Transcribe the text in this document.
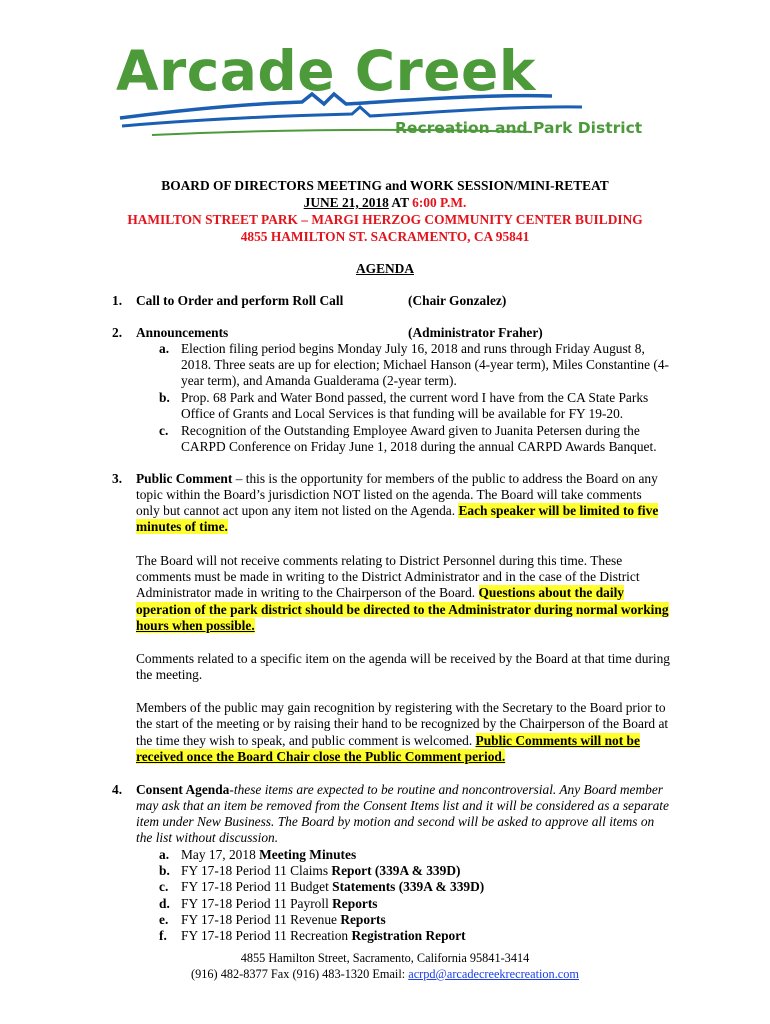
Arcade Creek
Recreation and Park District
BOARD OF DIRECTORS MEETING and WORK SESSION/MINI-RETEAT
JUNE 21, 2018 AT 6:00 P.M.
HAMILTON STREET PARK – MARGI HERZOG COMMUNITY CENTER BUILDING
4855 HAMILTON ST. SACRAMENTO, CA 95841
AGENDA
1. Call to Order and perform Roll Call	(Chair Gonzalez)
2. Announcements	(Administrator Fraher)
a. Election filing period begins Monday July 16, 2018 and runs through Friday August 8,
2018. Three seats are up for election; Michael Hanson (4-year term), Miles Constantine (4-
year term), and Amanda Gualderama (2-year term).
b. Prop. 68 Park and Water Bond passed, the current word I have from the CA State Parks
Office of Grants and Local Services is that funding will be available for FY 19-20.
c. Recognition of the Outstanding Employee Award given to Juanita Petersen during the
CARPD Conference on Friday June 1, 2018 during the annual CARPD Awards Banquet.
3. Public Comment – this is the opportunity for members of the public to address the Board on any
topic within the Board’s jurisdiction NOT listed on the agenda. The Board will take comments
only but cannot act upon any item not listed on the Agenda. Each speaker will be limited to five
minutes of time.
The Board will not receive comments relating to District Personnel during this time. These
comments must be made in writing to the District Administrator and in the case of the District
Administrator made in writing to the Chairperson of the Board. Questions about the daily
operation of the park district should be directed to the Administrator during normal working
hours when possible.
Comments related to a specific item on the agenda will be received by the Board at that time during
the meeting.
Members of the public may gain recognition by registering with the Secretary to the Board prior to
the start of the meeting or by raising their hand to be recognized by the Chairperson of the Board at
the time they wish to speak, and public comment is welcomed. Public Comments will not be
received once the Board Chair close the Public Comment period.
4. Consent Agenda-these items are expected to be routine and noncontroversial. Any Board member
may ask that an item be removed from the Consent Items list and it will be considered as a separate
item under New Business. The Board by motion and second will be asked to approve all items on
the list without discussion.
a. May 17, 2018 Meeting Minutes
b. FY 17-18 Period 11 Claims Report (339A & 339D)
c. FY 17-18 Period 11 Budget Statements (339A & 339D)
d. FY 17-18 Period 11 Payroll Reports
e. FY 17-18 Period 11 Revenue Reports
f. FY 17-18 Period 11 Recreation Registration Report
4855 Hamilton Street, Sacramento, California 95841-3414
(916) 482-8377 Fax (916) 483-1320 Email: acrpd@arcadecreekrecreation.com
